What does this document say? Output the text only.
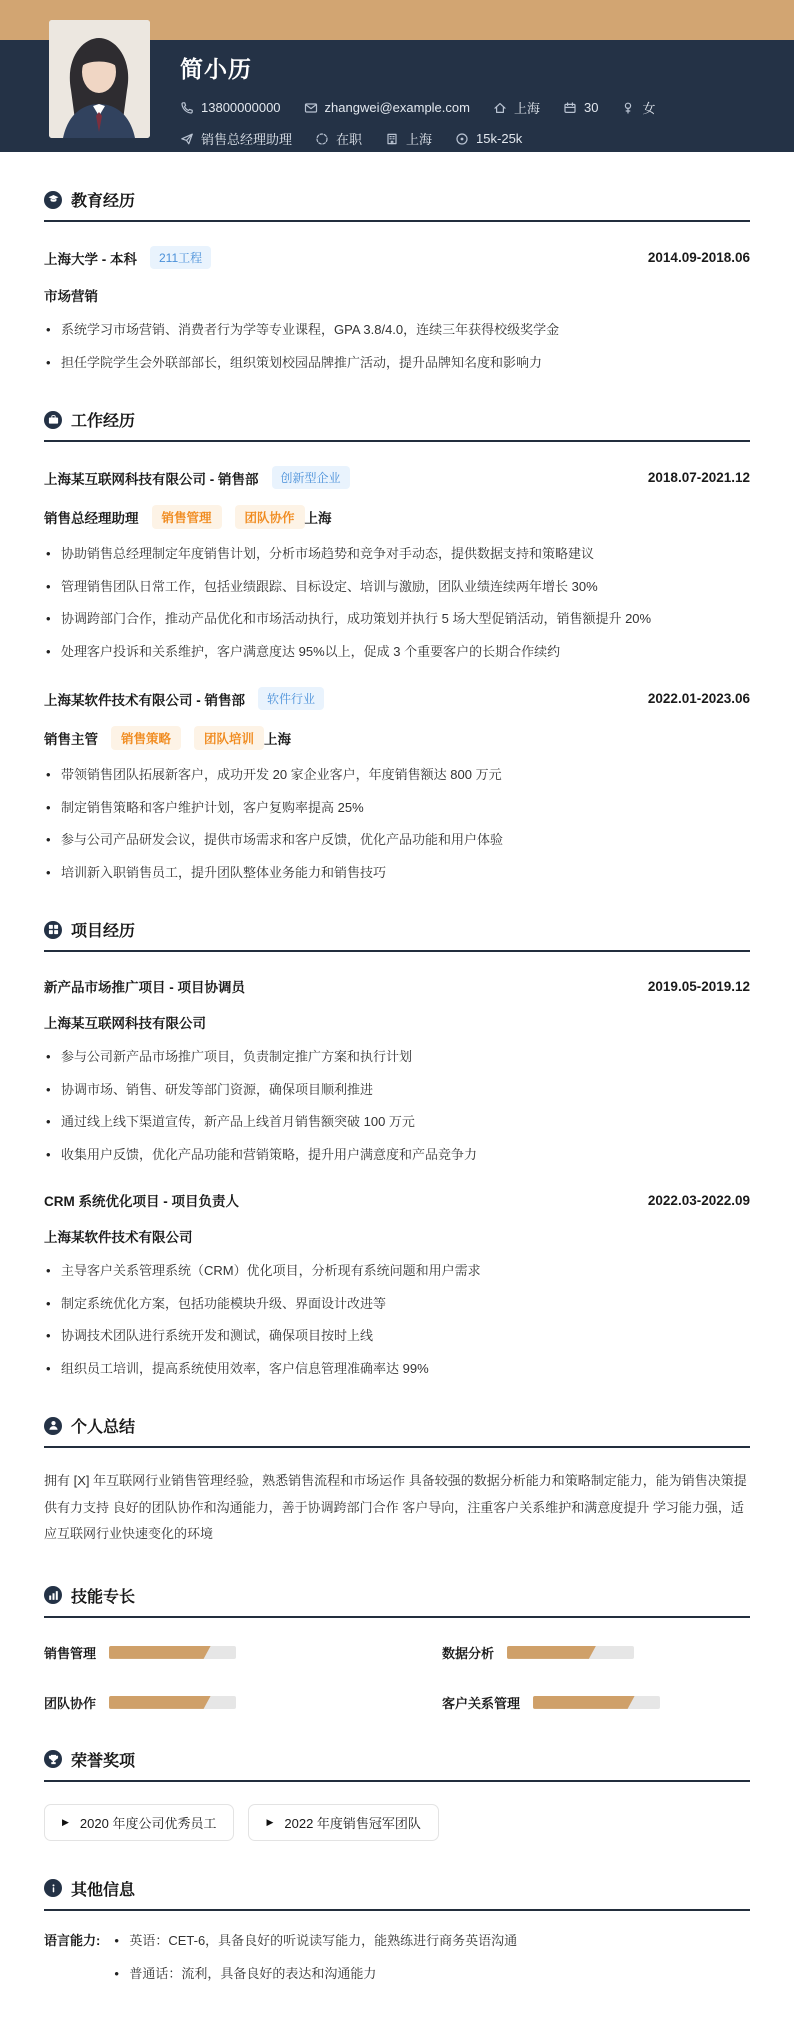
简小历
13800000000	zhangwei@example.com	上海	30	女
销售总经理助理	在职	上海	15k-25k
教育经历
上海大学 - 本科	211工程	2014.09-2018.06
市场营销
• 系统学习市场营销、消费者行为学等专业课程，GPA 3.8/4.0，连续三年获得校级奖学金
• 担任学院学生会外联部部长，组织策划校园品牌推广活动，提升品牌知名度和影响力
工作经历
上海某互联网科技有限公司 - 销售部	创新型企业	2018.07-2021.12
销售总经理助理	销售管理	团队协作 上海
• 协助销售总经理制定年度销售计划，分析市场趋势和竞争对手动态，提供数据支持和策略建议
• 管理销售团队日常工作，包括业绩跟踪、目标设定、培训与激励，团队业绩连续两年增长 30%
• 协调跨部门合作，推动产品优化和市场活动执行，成功策划并执行 5 场大型促销活动，销售额提升 20%
• 处理客户投诉和关系维护，客户满意度达 95%以上，促成 3 个重要客户的长期合作续约
上海某软件技术有限公司 - 销售部	软件行业	2022.01-2023.06
销售主管	销售策略	团队培训 上海
• 带领销售团队拓展新客户，成功开发 20 家企业客户，年度销售额达 800 万元
• 制定销售策略和客户维护计划，客户复购率提高 25%
• 参与公司产品研发会议，提供市场需求和客户反馈，优化产品功能和用户体验
• 培训新入职销售员工，提升团队整体业务能力和销售技巧
项目经历
新产品市场推广项目 - 项目协调员	2019.05-2019.12
上海某互联网科技有限公司
• 参与公司新产品市场推广项目，负责制定推广方案和执行计划
• 协调市场、销售、研发等部门资源，确保项目顺利推进
• 通过线上线下渠道宣传，新产品上线首月销售额突破 100 万元
• 收集用户反馈，优化产品功能和营销策略，提升用户满意度和产品竞争力
CRM 系统优化项目 - 项目负责人	2022.03-2022.09
上海某软件技术有限公司
• 主导客户关系管理系统（CRM）优化项目，分析现有系统问题和用户需求
• 制定系统优化方案，包括功能模块升级、界面设计改进等
• 协调技术团队进行系统开发和测试，确保项目按时上线
• 组织员工培训，提高系统使用效率，客户信息管理准确率达 99%
个人总结

拥有 [X] 年互联网行业销售管理经验，熟悉销售流程和市场运作 具备较强的数据分析能力和策略制定能力，能为销售决策提供有力支持 良好的团队协作和沟通能力，善于协调跨部门合作 客户导向，注重客户关系维护和满意度提升 学习能力强，适应互联网行业快速变化的环境

技能专长
销售管理	数据分析
团队协作	客户关系管理
荣誉奖项
▶ 2020 年度公司优秀员工	▶ 2022 年度销售冠军团队
其他信息
语言能力:	• 英语：CET-6，具备良好的听说读写能力，能熟练进行商务英语沟通
• 普通话：流利，具备良好的表达和沟通能力
